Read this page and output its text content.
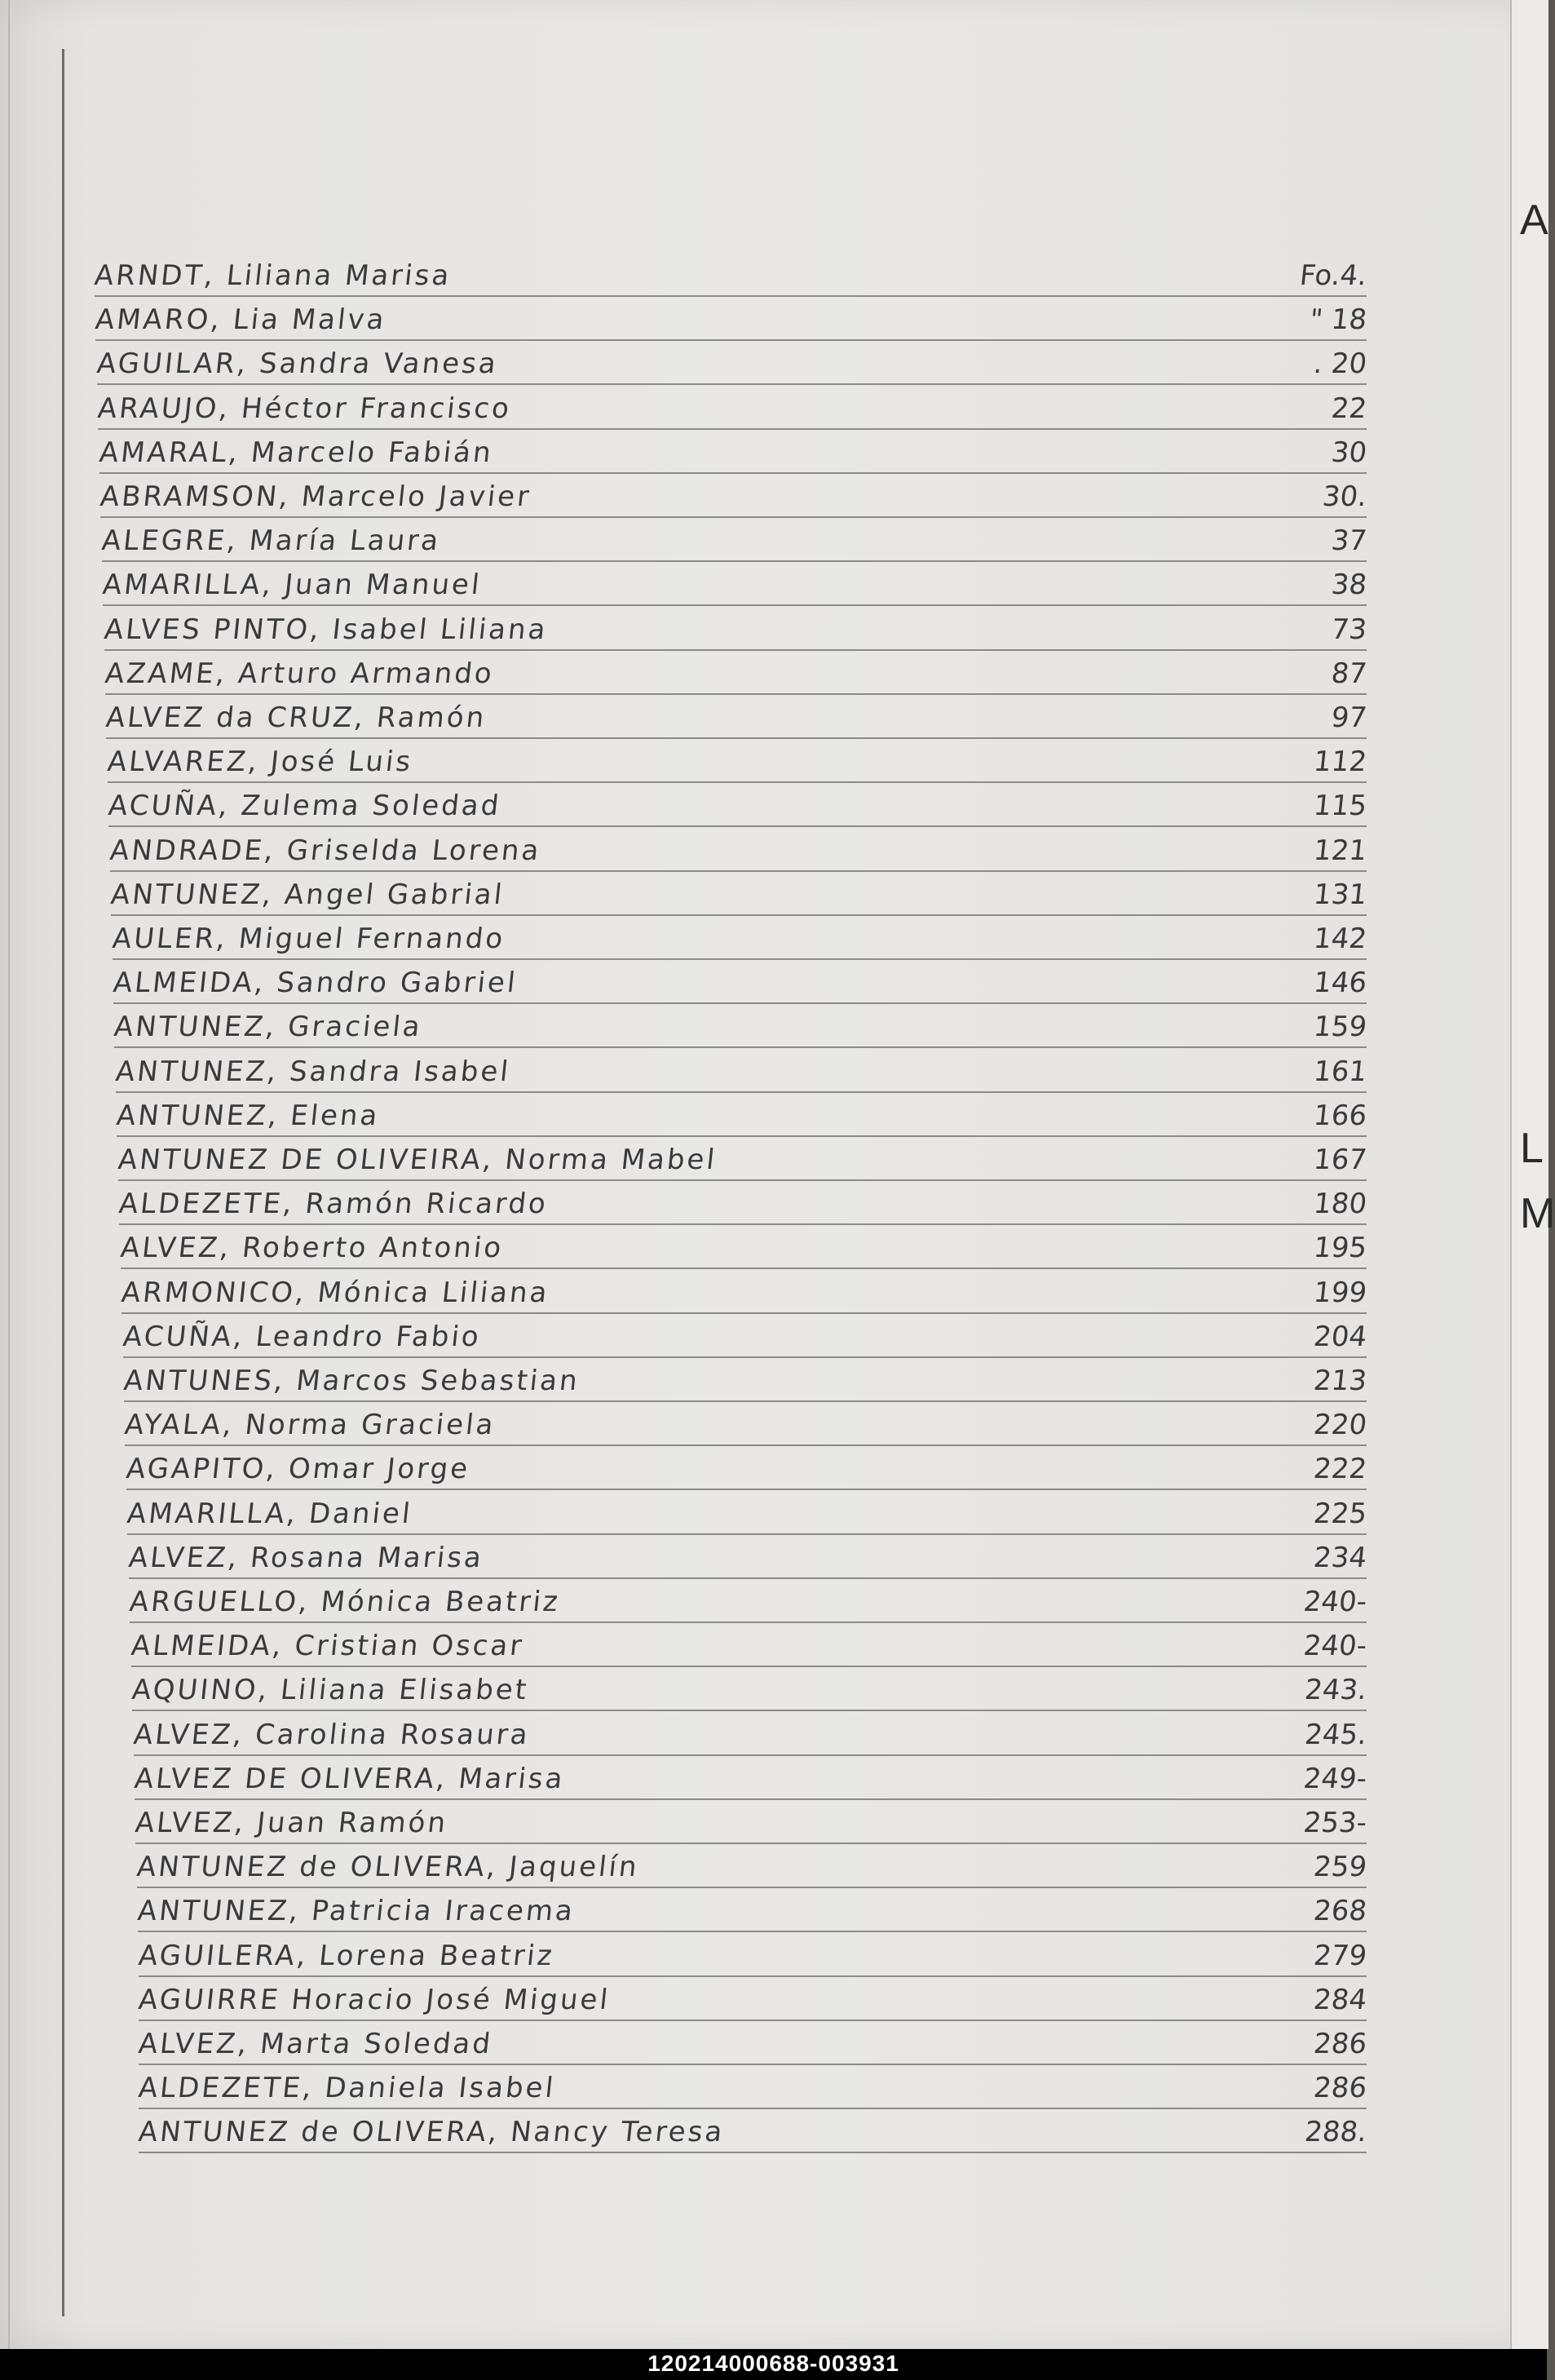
ARNDT, Liliana Marisa	Fo.4.
AMARO, Lia Malva	" 18
AGUILAR, Sandra Vanesa	. 20
ARAUJO, Héctor Francisco	22
AMARAL, Marcelo Fabián	30
ABRAMSON, Marcelo Javier	30.
ALEGRE, María Laura	37
AMARILLA, Juan Manuel	38
ALVES PINTO, Isabel Liliana	73
AZAME, Arturo Armando	87
ALVEZ da CRUZ, Ramón	97
ALVAREZ, José Luis	112
ACUÑA, Zulema Soledad	115
ANDRADE, Griselda Lorena	121
ANTUNEZ, Angel Gabrial	131
AULER, Miguel Fernando	142
ALMEIDA, Sandro Gabriel	146
ANTUNEZ, Graciela	159
ANTUNEZ, Sandra Isabel	161
ANTUNEZ, Elena	166
ANTUNEZ DE OLIVEIRA, Norma Mabel	167
ALDEZETE, Ramón Ricardo	180
ALVEZ, Roberto Antonio	195
ARMONICO, Mónica Liliana	199
ACUÑA, Leandro Fabio	204
ANTUNES, Marcos Sebastian	213
AYALA, Norma Graciela	220
AGAPITO, Omar Jorge	222
AMARILLA, Daniel	225
ALVEZ, Rosana Marisa	234
ARGUELLO, Mónica Beatriz	240-
ALMEIDA, Cristian Oscar	240-
AQUINO, Liliana Elisabet	243.
ALVEZ, Carolina Rosaura	245.
ALVEZ DE OLIVERA, Marisa	249-
ALVEZ, Juan Ramón	253-
ANTUNEZ de OLIVERA, Jaquelín	259
ANTUNEZ, Patricia Iracema	268
AGUILERA, Lorena Beatriz	279
AGUIRRE Horacio José Miguel	284
ALVEZ, Marta Soledad	286
ALDEZETE, Daniela Isabel	286
ANTUNEZ de OLIVERA, Nancy Teresa	288.
A
L
M
120214000688-003931
